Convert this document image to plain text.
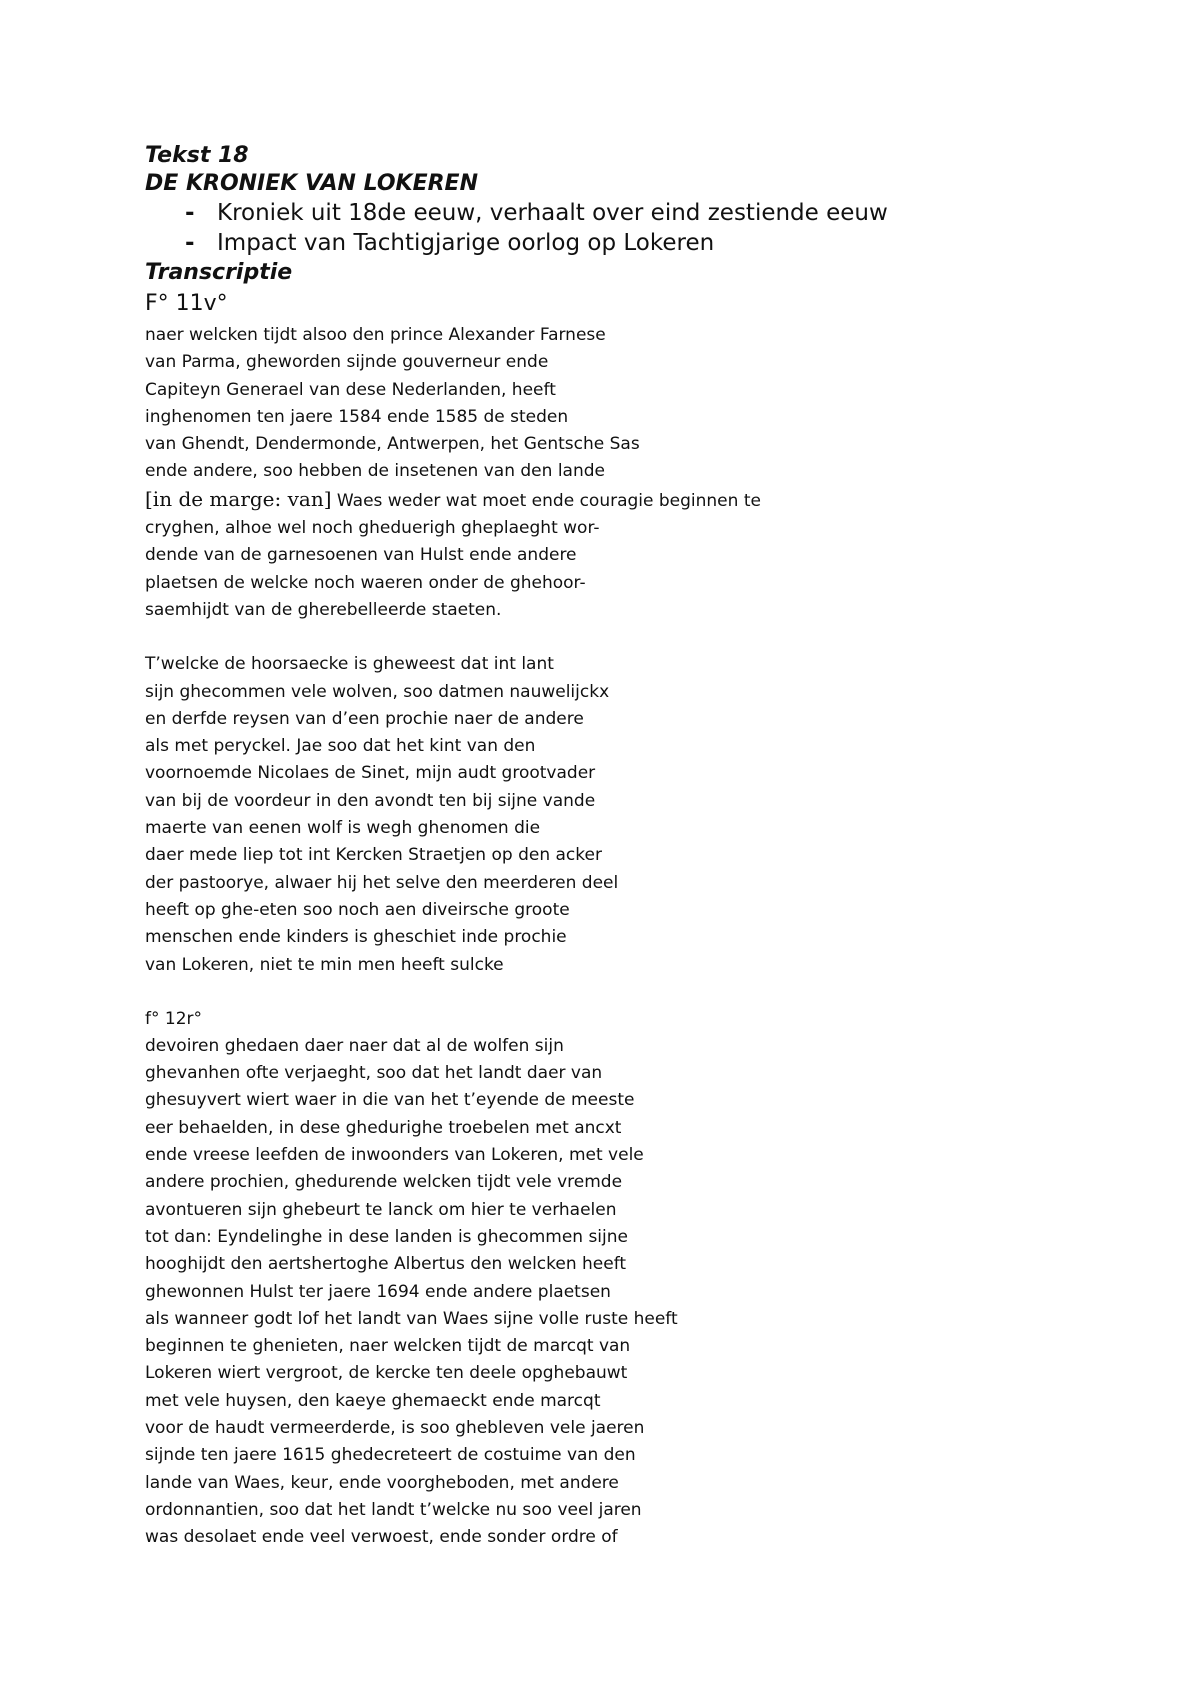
Tekst 18

DE KRONIEK VAN LOKEREN

- Kroniek uit 18de eeuw, verhaalt over eind zestiende eeuw
- Impact van Tachtigjarige oorlog op Lokeren

Transcriptie

F° 11v°

naer welcken tijdt alsoo den prince Alexander Farnese

van Parma, gheworden sijnde gouverneur ende

Capiteyn Generael van dese Nederlanden, heeft

inghenomen ten jaere 1584 ende 1585 de steden

van Ghendt, Dendermonde, Antwerpen, het Gentsche Sas

ende andere, soo hebben de insetenen van den lande

[in de marge: van] Waes weder wat moet ende couragie beginnen te

cryghen, alhoe wel noch gheduerigh gheplaeght wor-

dende van de garnesoenen van Hulst ende andere

plaetsen de welcke noch waeren onder de ghehoor-

saemhijdt van de gherebelleerde staeten.

T’welcke de hoorsaecke is gheweest dat int lant

sijn ghecommen vele wolven, soo datmen nauwelijckx

en derfde reysen van d’een prochie naer de andere

als met peryckel. Jae soo dat het kint van den

voornoemde Nicolaes de Sinet, mijn audt grootvader

van bij de voordeur in den avondt ten bij sijne vande

maerte van eenen wolf is wegh ghenomen die

daer mede liep tot int Kercken Straetjen op den acker

der pastoorye, alwaer hij het selve den meerderen deel

heeft op ghe-eten soo noch aen diveirsche groote

menschen ende kinders is gheschiet inde prochie

van Lokeren, niet te min men heeft sulcke

f° 12r°

devoiren ghedaen daer naer dat al de wolfen sijn

ghevanhen ofte verjaeght, soo dat het landt daer van

ghesuyvert wiert waer in die van het t’eyende de meeste

eer behaelden, in dese ghedurighe troebelen met ancxt

ende vreese leefden de inwoonders van Lokeren, met vele

andere prochien, ghedurende welcken tijdt vele vremde

avontueren sijn ghebeurt te lanck om hier te verhaelen

tot dan: Eyndelinghe in dese landen is ghecommen sijne

hooghijdt den aertshertoghe Albertus den welcken heeft

ghewonnen Hulst ter jaere 1694 ende andere plaetsen

als wanneer godt lof het landt van Waes sijne volle ruste heeft

beginnen te ghenieten, naer welcken tijdt de marcqt van

Lokeren wiert vergroot, de kercke ten deele opghebauwt

met vele huysen, den kaeye ghemaeckt ende marcqt

voor de haudt vermeerderde, is soo ghebleven vele jaeren

sijnde ten jaere 1615 ghedecreteert de costuime van den

lande van Waes, keur, ende voorgheboden, met andere

ordonnantien, soo dat het landt t’welcke nu soo veel jaren

was desolaet ende veel verwoest, ende sonder ordre of
